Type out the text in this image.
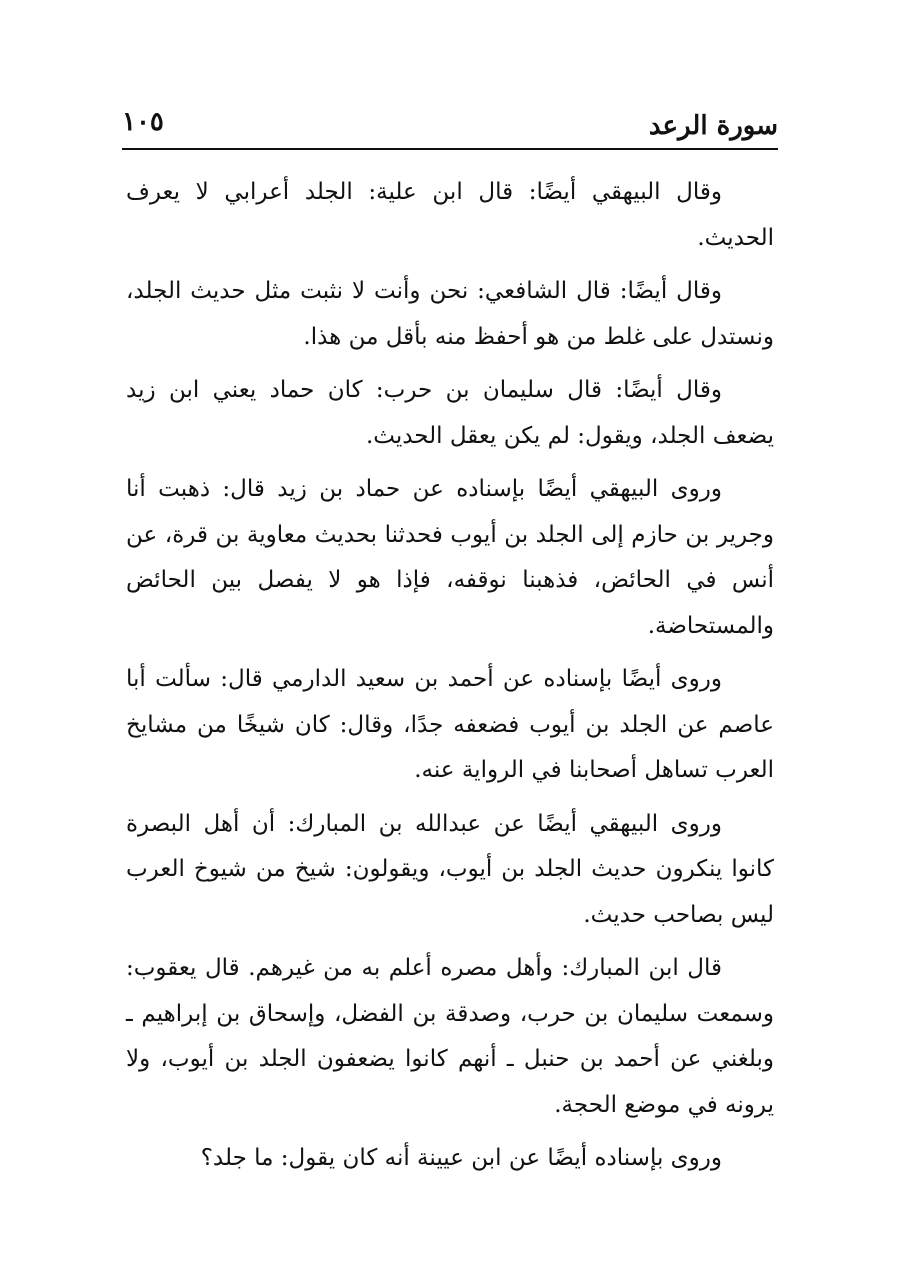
سورة الرعد
١٠٥

وقال البيهقي أيضًا: قال ابن علية: الجلد أعرابي لا يعرف الحديث.

وقال أيضًا: قال الشافعي: نحن وأنت لا نثبت مثل حديث الجلد، ونستدل على غلط من هو أحفظ منه بأقل من هذا.

وقال أيضًا: قال سليمان بن حرب: كان حماد يعني ابن زيد يضعف الجلد، ويقول: لم يكن يعقل الحديث.

وروى البيهقي أيضًا بإسناده عن حماد بن زيد قال: ذهبت أنا وجرير بن حازم إلى الجلد بن أيوب فحدثنا بحديث معاوية بن قرة، عن أنس في الحائض، فذهبنا نوقفه، فإذا هو لا يفصل بين الحائض والمستحاضة.

وروى أيضًا بإسناده عن أحمد بن سعيد الدارمي قال: سألت أبا عاصم عن الجلد بن أيوب فضعفه جدًا، وقال: كان شيخًا من مشايخ العرب تساهل أصحابنا في الرواية عنه.

وروى البيهقي أيضًا عن عبدالله بن المبارك: أن أهل البصرة كانوا ينكرون حديث الجلد بن أيوب، ويقولون: شيخ من شيوخ العرب ليس بصاحب حديث.

قال ابن المبارك: وأهل مصره أعلم به من غيرهم. قال يعقوب: وسمعت سليمان بن حرب، وصدقة بن الفضل، وإسحاق بن إبراهيم ـ وبلغني عن أحمد بن حنبل ـ أنهم كانوا يضعفون الجلد بن أيوب، ولا يرونه في موضع الحجة.

وروى بإسناده أيضًا عن ابن عيينة أنه كان يقول: ما جلد؟
